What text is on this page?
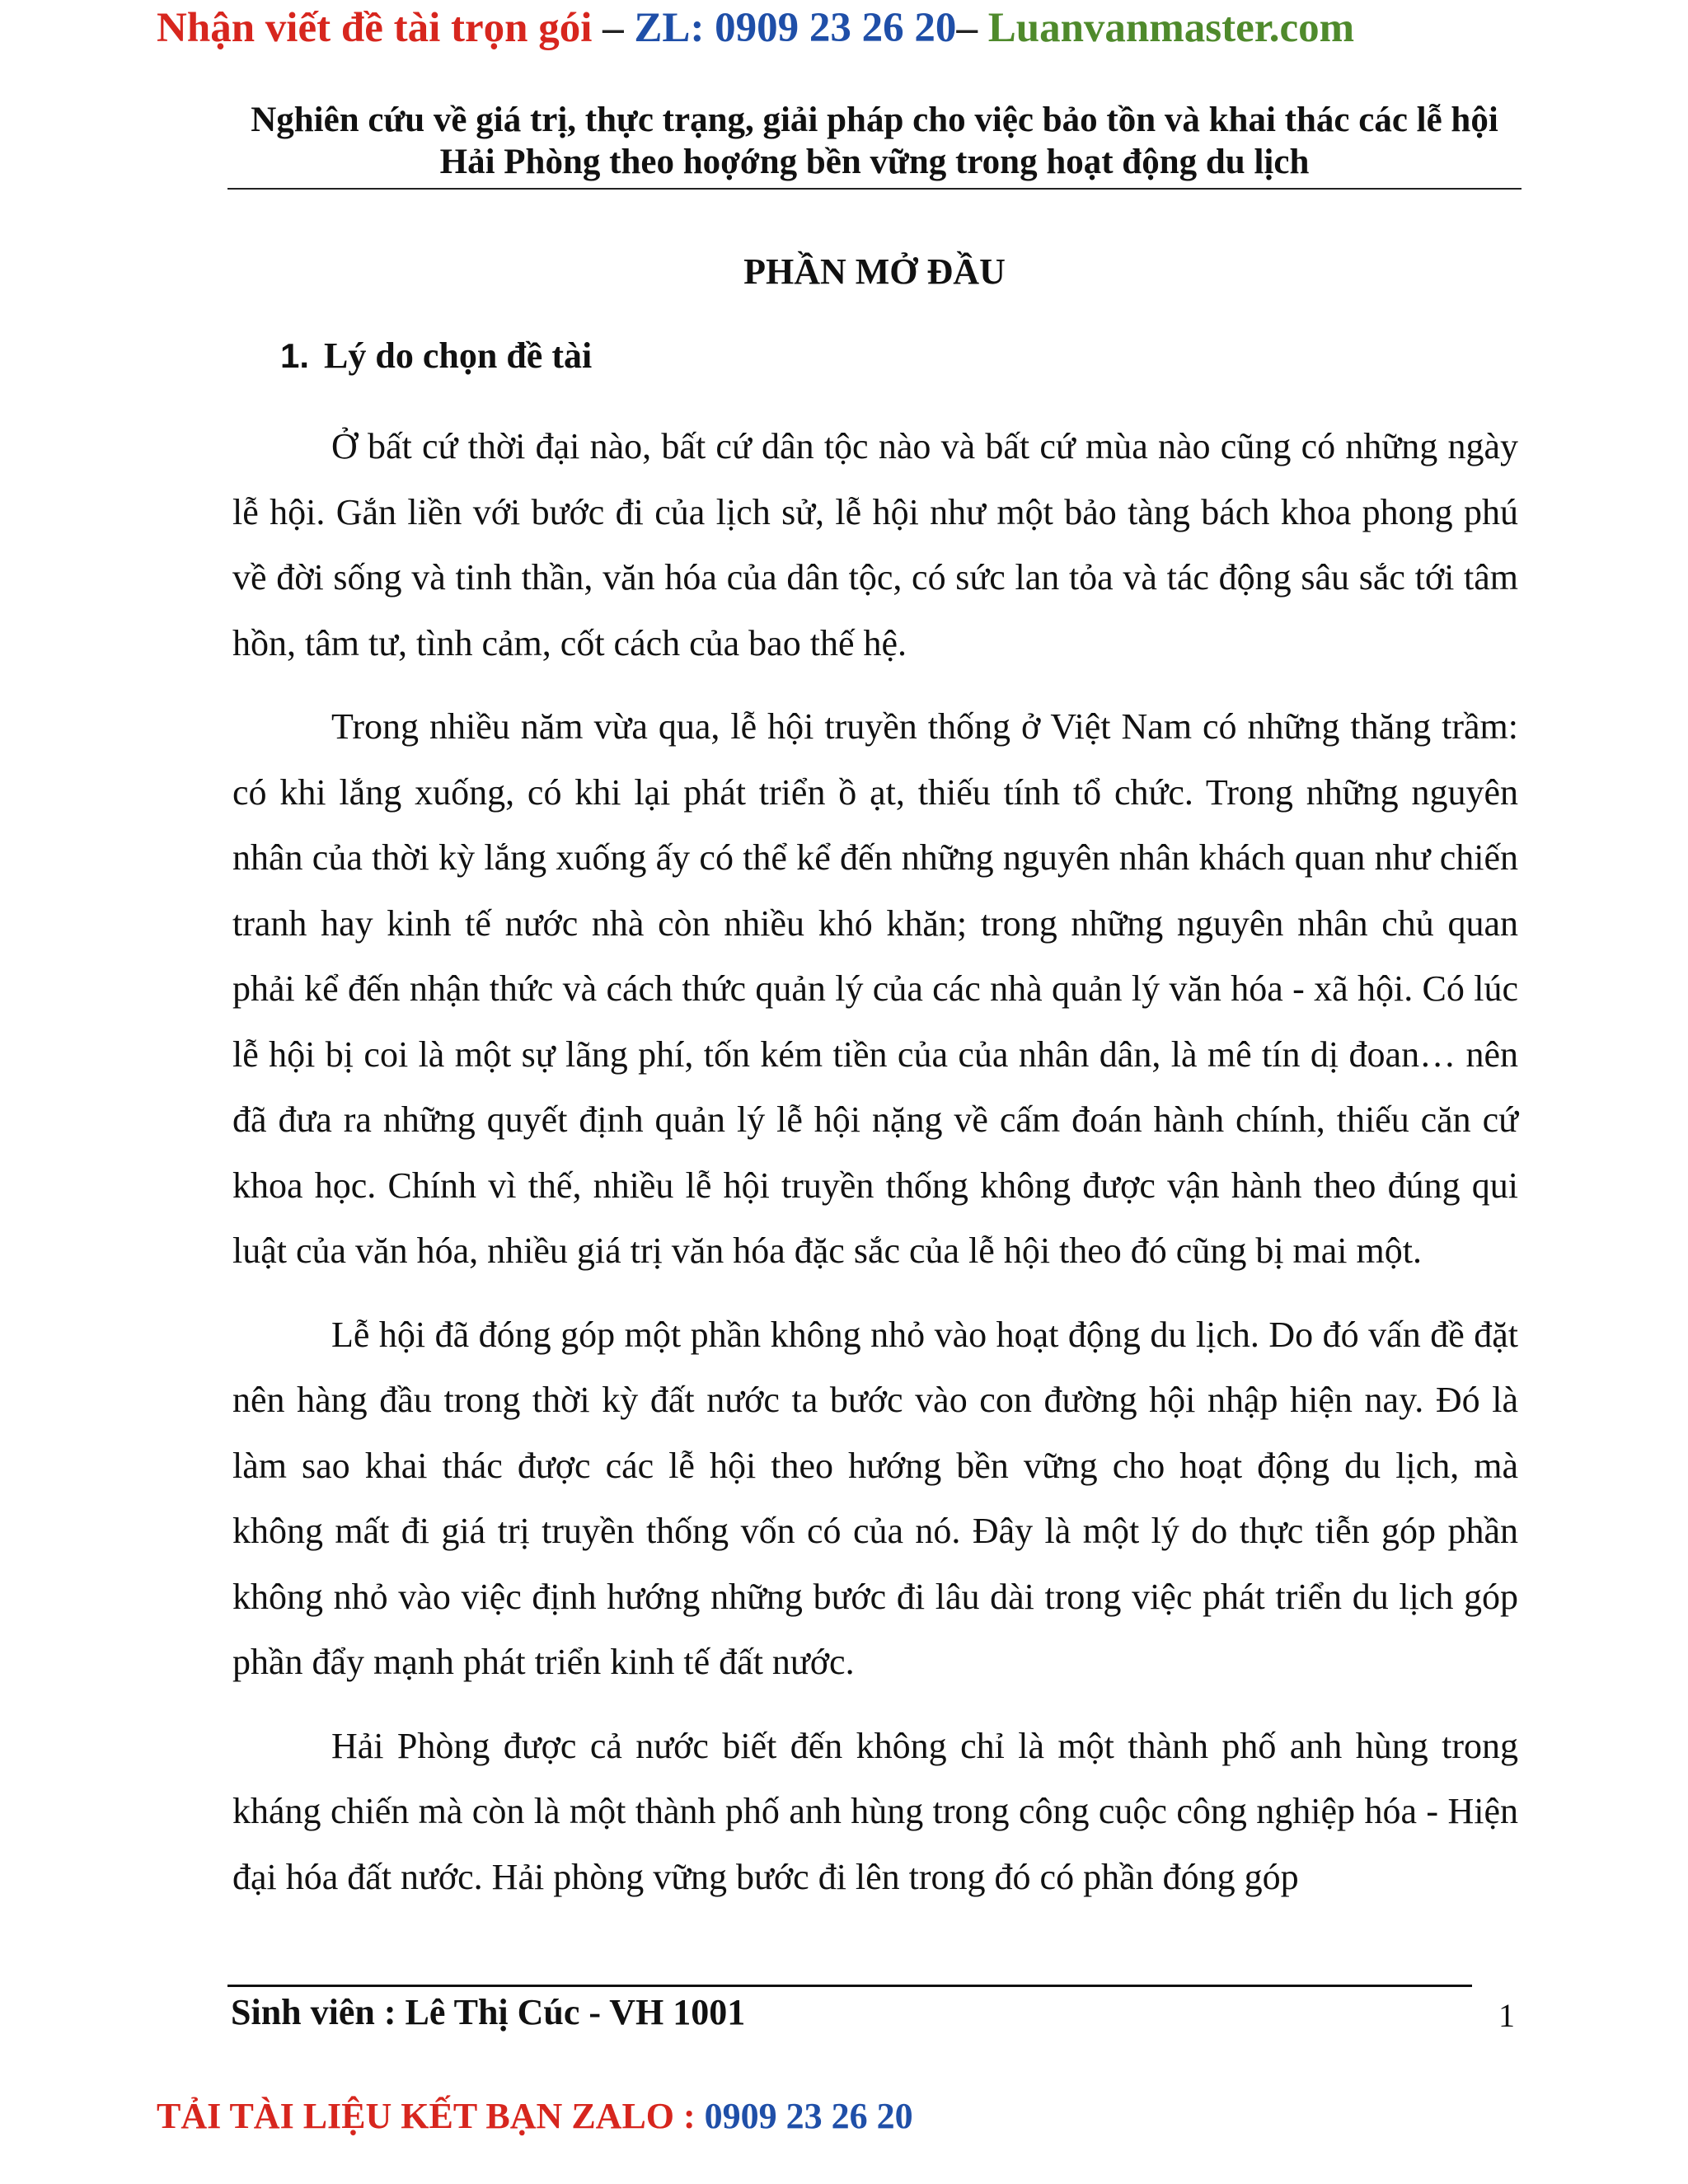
Nhận viết đề tài trọn gói – ZL: 0909 23 26 20– Luanvanmaster.com
Nghiên cứu về giá trị, thực trạng, giải pháp cho việc bảo tồn và khai thác các lễ hội Hải Phòng theo hoợớng bền vững trong hoạt động du lịch
PHẦN MỞ ĐẦU
1. Lý do chọn đề tài

Ở bất cứ thời đại nào, bất cứ dân tộc nào và bất cứ mùa nào cũng có những ngày lễ hội. Gắn liền với bước đi của lịch sử, lễ hội như một bảo tàng bách khoa phong phú về đời sống và tinh thần, văn hóa của dân tộc, có sức lan tỏa và tác động sâu sắc tới tâm hồn, tâm tư, tình cảm, cốt cách của bao thế hệ.

Trong nhiều năm vừa qua, lễ hội truyền thống ở Việt Nam có những thăng trầm: có khi lắng xuống, có khi lại phát triển ồ ạt, thiếu tính tổ chức. Trong những nguyên nhân của thời kỳ lắng xuống ấy có thể kể đến những nguyên nhân khách quan như chiến tranh hay kinh tế nước nhà còn nhiều khó khăn; trong những nguyên nhân chủ quan phải kể đến nhận thức và cách thức quản lý của các nhà quản lý văn hóa - xã hội. Có lúc lễ hội bị coi là một sự lãng phí, tốn kém tiền của của nhân dân, là mê tín dị đoan… nên đã đưa ra những quyết định quản lý lễ hội nặng về cấm đoán hành chính, thiếu căn cứ khoa học. Chính vì thế, nhiều lễ hội truyền thống không được vận hành theo đúng qui luật của văn hóa, nhiều giá trị văn hóa đặc sắc của lễ hội theo đó cũng bị mai một.

Lễ hội đã đóng góp một phần không nhỏ vào hoạt động du lịch. Do đó vấn đề đặt nên hàng đầu trong thời kỳ đất nước ta bước vào con đường hội nhập hiện nay. Đó là làm sao khai thác được các lễ hội theo hướng bền vững cho hoạt động du lịch, mà không mất đi giá trị truyền thống vốn có của nó. Đây là một lý do thực tiễn góp phần không nhỏ vào việc định hướng những bước đi lâu dài trong việc phát triển du lịch góp phần đẩy mạnh phát triển kinh tế đất nước.

Hải Phòng được cả nước biết đến không chỉ là một thành phố anh hùng trong kháng chiến mà còn là một thành phố anh hùng trong công cuộc công nghiệp hóa - Hiện đại hóa đất nước. Hải phòng vững bước đi lên trong đó có phần đóng góp

Sinh viên : Lê Thị Cúc - VH 1001	1
TẢI TÀI LIỆU KẾT BẠN ZALO : 0909 23 26 20
